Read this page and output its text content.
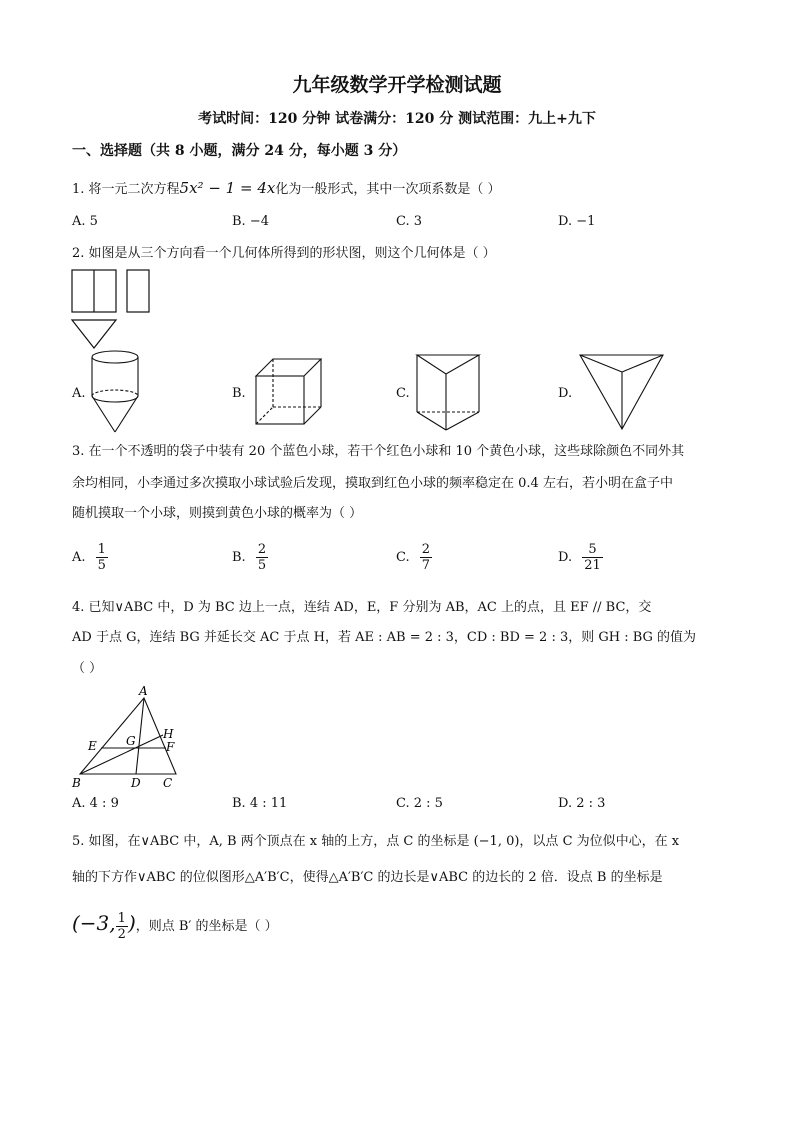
九年级数学开学检测试题
考试时间：120 分钟 试卷满分：120 分 测试范围：九上+九下
一、选择题（共 8 小题，满分 24 分，每小题 3 分）
1. 将一元二次方程5x² − 1 = 4x化为一般形式，其中一次项系数是（ ）
A. 5	B. −4	C. 3	D. −1
2. 如图是从三个方向看一个几何体所得到的形状图，则这个几何体是（ ）
A.	B.	C.	D.
3. 在一个不透明的袋子中装有 20 个蓝色小球，若干个红色小球和 10 个黄色小球，这些球除颜色不同外其
余均相同，小李通过多次摸取小球试验后发现，摸取到红色小球的频率稳定在 0.4 左右，若小明在盒子中
随机摸取一个小球，则摸到黄色小球的概率为（ ）
A. $\frac{1}{5}$	B. $\frac{2}{5}$	C. $\frac{2}{7}$	D. $\frac{5}{21}$
4. 已知∨ABC 中，D 为 BC 边上一点，连结 AD，E，F 分别为 AB，AC 上的点，且 EF // BC，交
AD 于点 G，连结 BG 并延长交 AC 于点 H，若 AE : AB = 2 : 3，CD : BD = 2 : 3，则 GH : BG 的值为
（ ）
A
B	C
D
E	F
G H
A. 4 : 9	B. 4 : 11	C. 2 : 5	D. 2 : 3
5. 如图，在∨ABC 中，A, B 两个顶点在 x 轴的上方，点 C 的坐标是 (−1, 0)，以点 C 为位似中心，在 x
轴的下方作∨ABC 的位似图形△A′B′C，使得△A′B′C 的边长是∨ABC 的边长的 2 倍．设点 B 的坐标是
(−3, $\frac{1}{2}$ )，则点 B′ 的坐标是（ ）
